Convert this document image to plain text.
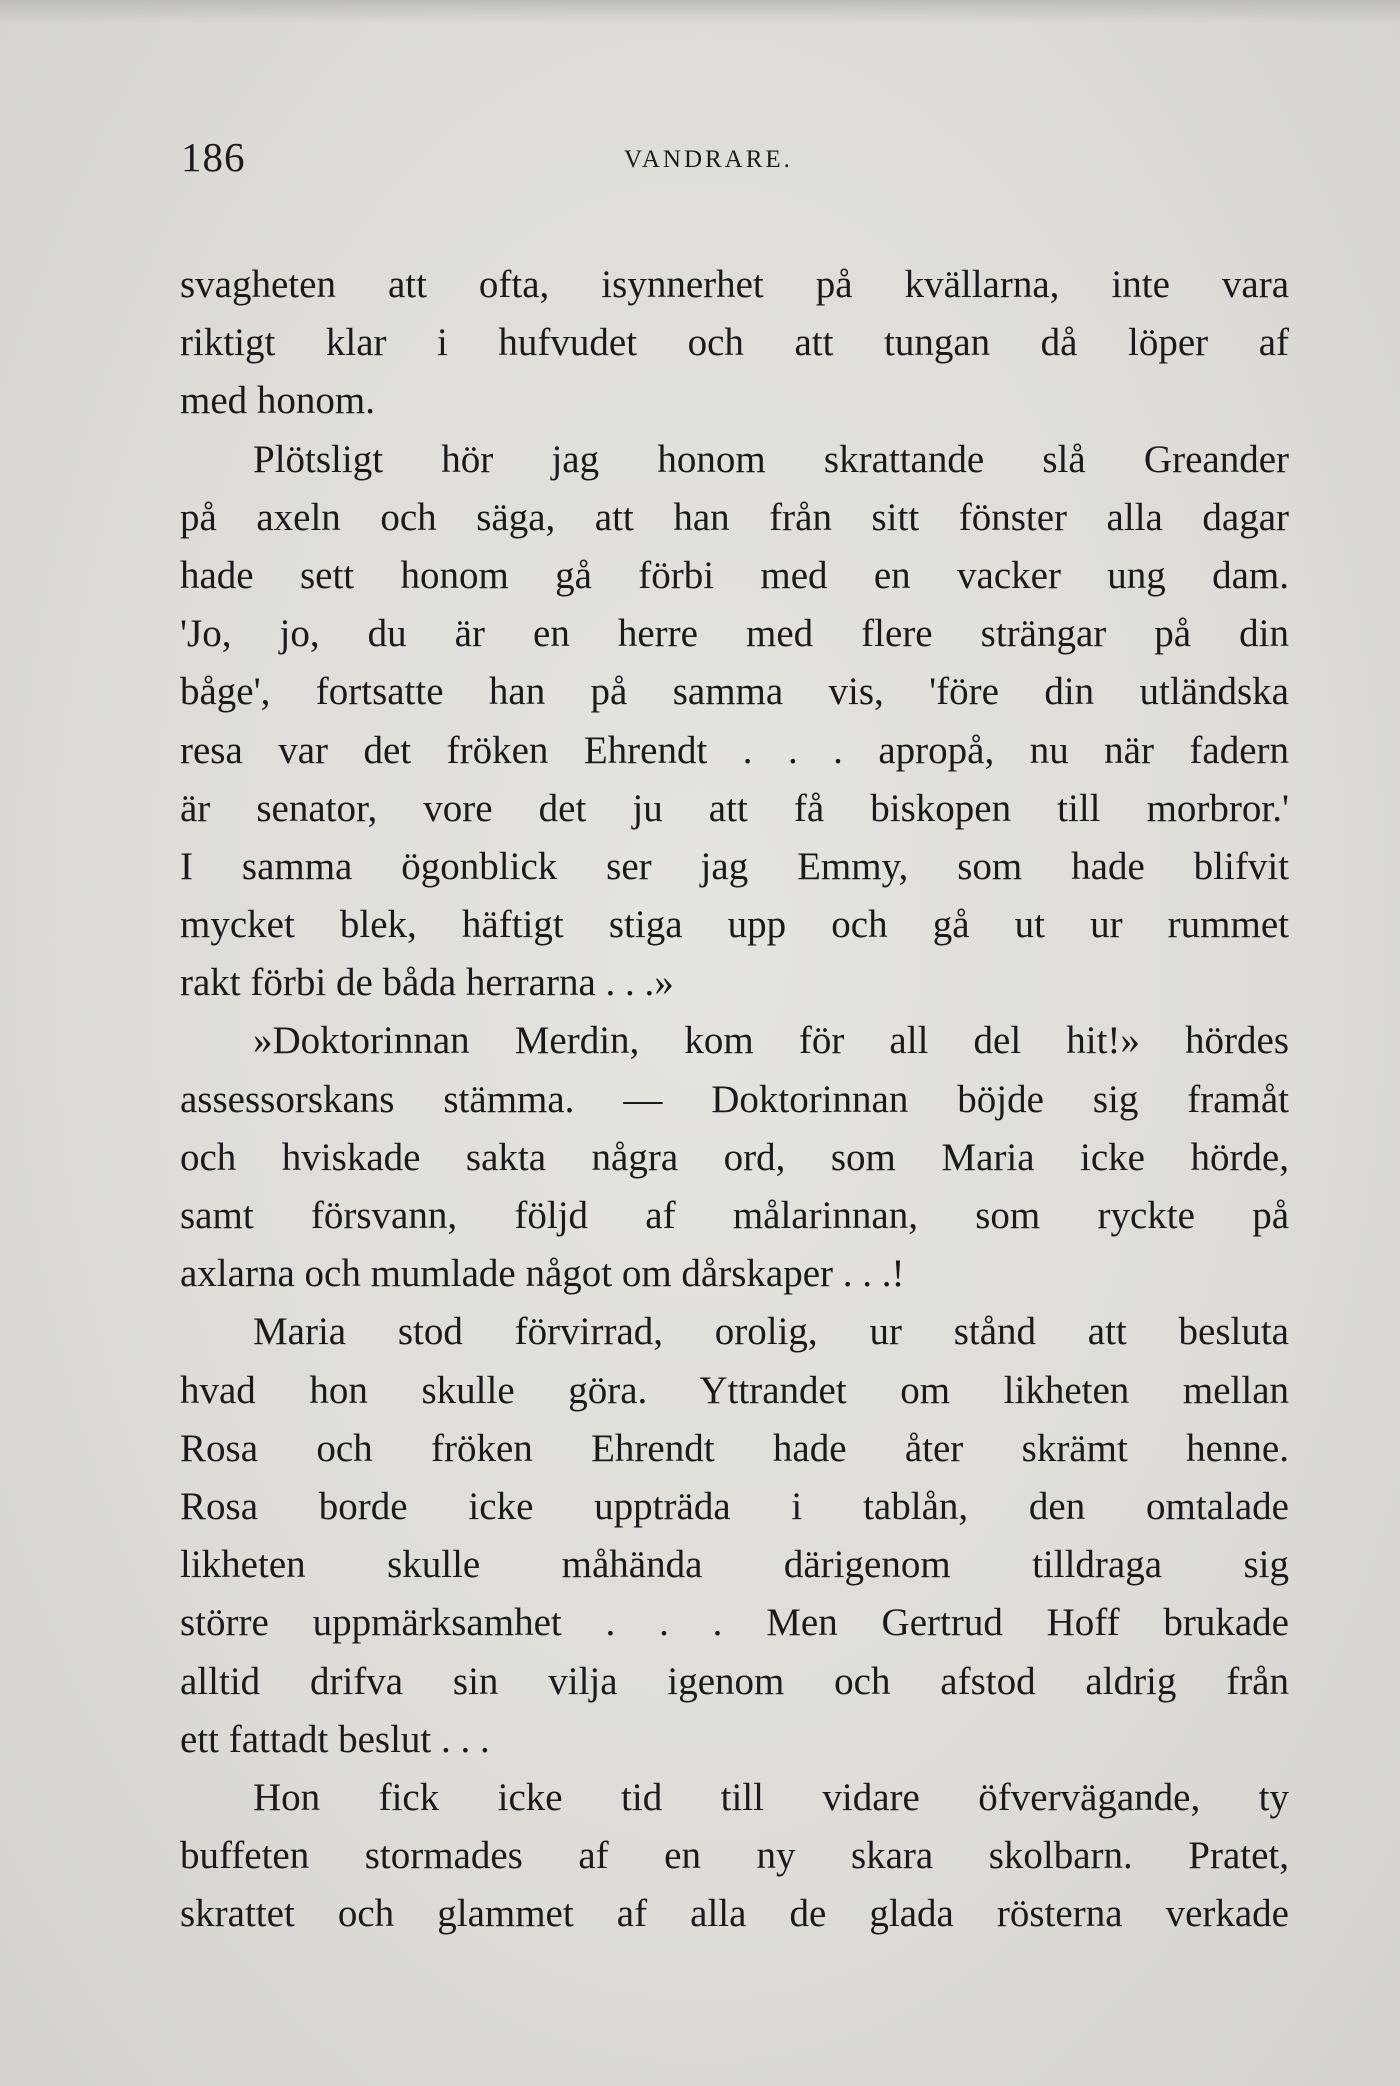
186	VANDRARE.
svagheten att ofta, isynnerhet på kvällarna, inte vara
riktigt klar i hufvudet och att tungan då löper af
med honom.
Plötsligt hör jag honom skrattande slå Greander
på axeln och säga, att han från sitt fönster alla dagar
hade sett honom gå förbi med en vacker ung dam.
'Jo, jo, du är en herre med flere strängar på din
båge', fortsatte han på samma vis, 'före din utländska
resa var det fröken Ehrendt . . . apropå, nu när fadern
är senator, vore det ju att få biskopen till morbror.'
I samma ögonblick ser jag Emmy, som hade blifvit
mycket blek, häftigt stiga upp och gå ut ur rummet
rakt förbi de båda herrarna . . .»
»Doktorinnan Merdin, kom för all del hit!» hördes
assessorskans stämma. — Doktorinnan böjde sig framåt
och hviskade sakta några ord, som Maria icke hörde,
samt försvann, följd af målarinnan, som ryckte på
axlarna och mumlade något om dårskaper . . .!
Maria stod förvirrad, orolig, ur stånd att besluta
hvad hon skulle göra. Yttrandet om likheten mellan
Rosa och fröken Ehrendt hade åter skrämt henne.
Rosa borde icke uppträda i tablån, den omtalade
likheten skulle måhända därigenom tilldraga sig
större uppmärksamhet . . . Men Gertrud Hoff brukade
alltid drifva sin vilja igenom och afstod aldrig från
ett fattadt beslut . . .
Hon fick icke tid till vidare öfvervägande, ty
buffeten stormades af en ny skara skolbarn. Pratet,
skrattet och glammet af alla de glada rösterna verkade
